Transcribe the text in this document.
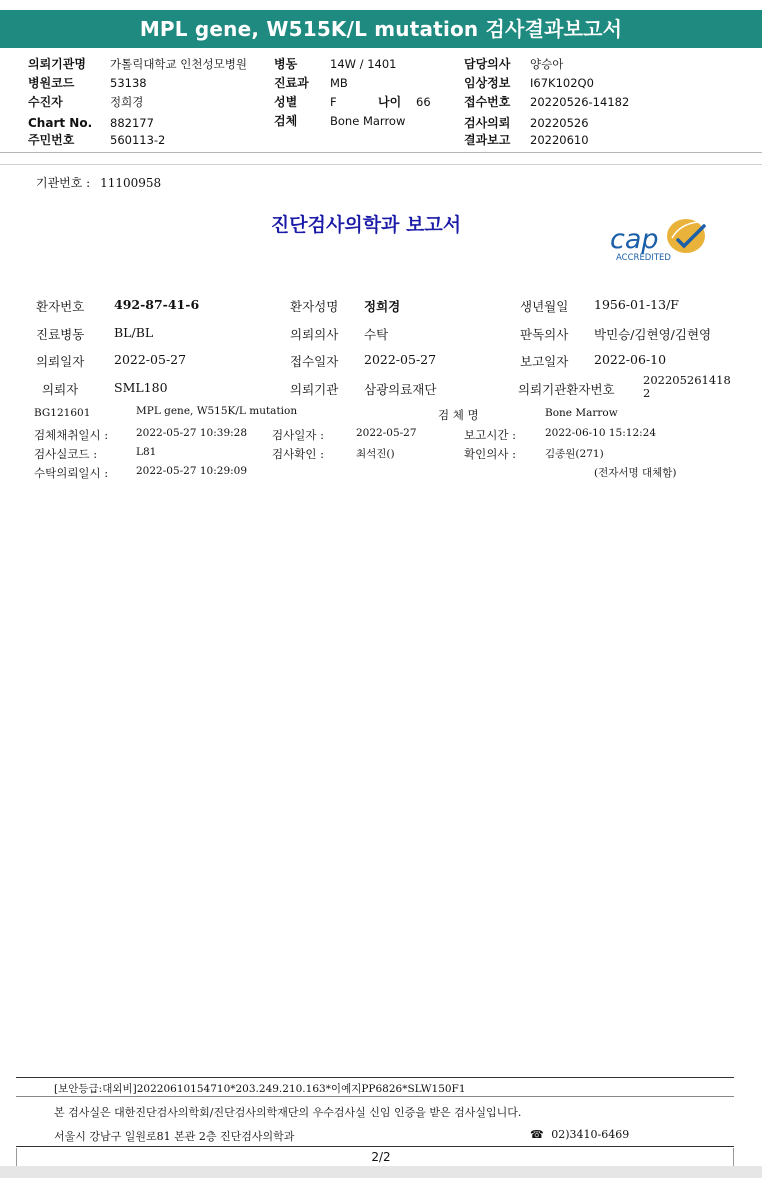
MPL gene, W515K/L mutation 검사결과보고서
의뢰기관명 가톨릭대학교 인천성모병원
병원코드	53138
수진자	정희경
Chart No. 882177
주민번호	560113-2
병동	14W / 1401
진료과 MB
성별	F	나이 66
검체	Bone Marrow
담당의사 양승아
임상정보 I67K102Q0
접수번호 20220526-14182
검사의뢰 20220526
결과보고 20220610
기관번호 : 11100958
진단검사의학과 보고서	cap
ACCREDITED
환자번호 492-87-41-6	환자성명 정희경	생년월일 1956-01-13/F
진료병동 BL/BL	의뢰의사 수탁	판독의사 박민승/김현영/김현영
의뢰일자 2022-05-27	접수일자 2022-05-27	보고일자 2022-06-10
의뢰자	SML180	의뢰기관 삼광의료재단	의뢰기관환자번호
202205261418
2
BG121601	MPL gene, W515K/L mutation	검 체 명	Bone Marrow
검체채취일시 :	2022-05-27 10:39:28 검사일자 :	2022-05-27	보고시간 :	2022-06-10 15:12:24
검사실코드 :	L81	검사확인 :	최석진()	확인의사 :	김종원(271)
수탁의뢰일시 :	2022-05-27 10:29:09	(전자서명 대체함)
[보안등급:대외비]20220610154710*203.249.210.163*이예지PP6826*SLW150F1
본 검사실은 대한진단검사의학회/진단검사의학재단의 우수검사실 신임 인증을 받은 검사실입니다.
서울시 강남구 일원로81 본관 2층 진단검사의학과	☎ 02)3410-6469
2/2
